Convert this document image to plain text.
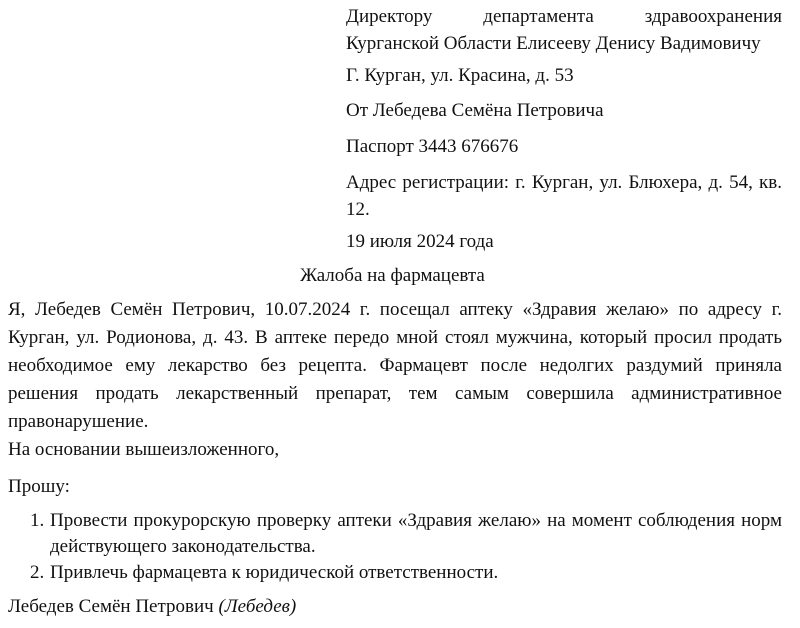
Директору департамента здравоохранения Курганской Области Елисееву Денису Вадимовичу
Г. Курган, ул. Красина, д. 53
От Лебедева Семёна Петровича
Паспорт 3443 676676
Адрес регистрации: г. Курган, ул. Блюхера, д. 54, кв. 12.
19 июля 2024 года
Жалоба на фармацевта
Я, Лебедев Семён Петрович, 10.07.2024 г. посещал аптеку «Здравия желаю» по адресу г. Курган, ул. Родионова, д. 43. В аптеке передо мной стоял мужчина, который просил продать необходимое ему лекарство без рецепта. Фармацевт после недолгих раздумий приняла решения продать лекарственный препарат, тем самым совершила административное правонарушение.
На основании вышеизложенного,
Прошу:
1. Провести прокурорскую проверку аптеки «Здравия желаю» на момент соблюдения норм действующего законодательства.
2. Привлечь фармацевта к юридической ответственности.
Лебедев Семён Петрович (Лебедев)
